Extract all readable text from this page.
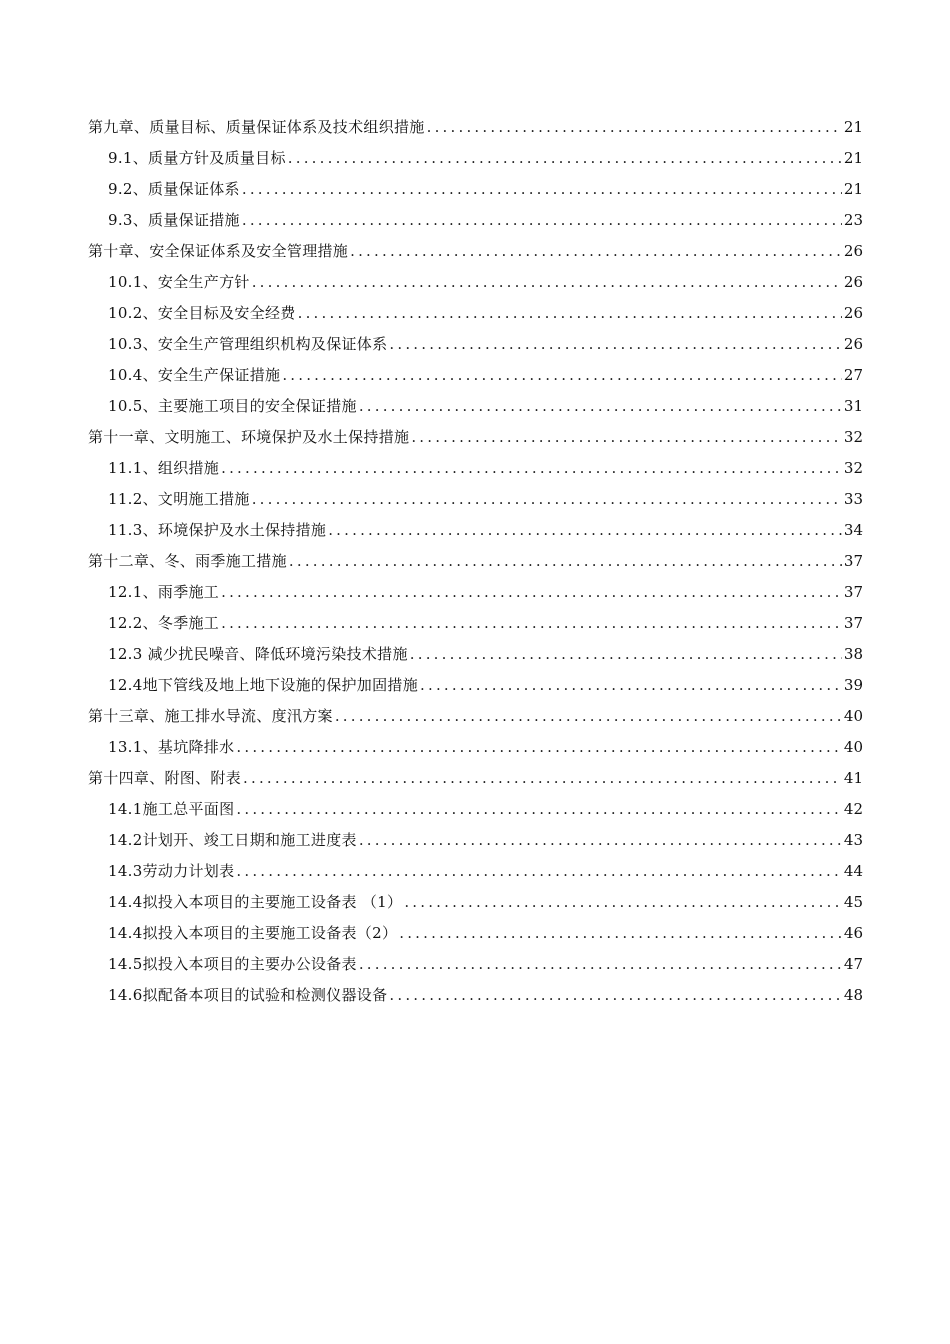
第九章、质量目标、质量保证体系及技术组织措施 .....	21
9.1、质量方针及质量目标 .....	21
9.2、质量保证体系 .....	21
9.3、质量保证措施 .....	23
第十章、安全保证体系及安全管理措施 .....	26
10.1、安全生产方针 .....	26
10.2、安全目标及安全经费 .....	26
10.3、安全生产管理组织机构及保证体系 .....	26
10.4、安全生产保证措施 .....	27
10.5、主要施工项目的安全保证措施 .....	31
第十一章、文明施工、环境保护及水土保持措施 .....	32
11.1、组织措施 .....	32
11.2、文明施工措施 .....	33
11.3、环境保护及水土保持措施 .....	34
第十二章、冬、雨季施工措施 .....	37
12.1、雨季施工 .....	37
12.2、冬季施工 .....	37
12.3 减少扰民噪音、降低环境污染技术措施 .....	38
12.4地下管线及地上地下设施的保护加固措施 .....	39
第十三章、施工排水导流、度汛方案 .....	40
13.1、基坑降排水 .....	40
第十四章、附图、附表 .....	41
14.1施工总平面图 .....	42
14.2计划开、竣工日期和施工进度表 .....	43
14.3劳动力计划表 .....	44
14.4拟投入本项目的主要施工设备表 （1） .....	45
14.4拟投入本项目的主要施工设备表（2） .....	46
14.5拟投入本项目的主要办公设备表 .....	47
14.6拟配备本项目的试验和检测仪器设备 .....	48
